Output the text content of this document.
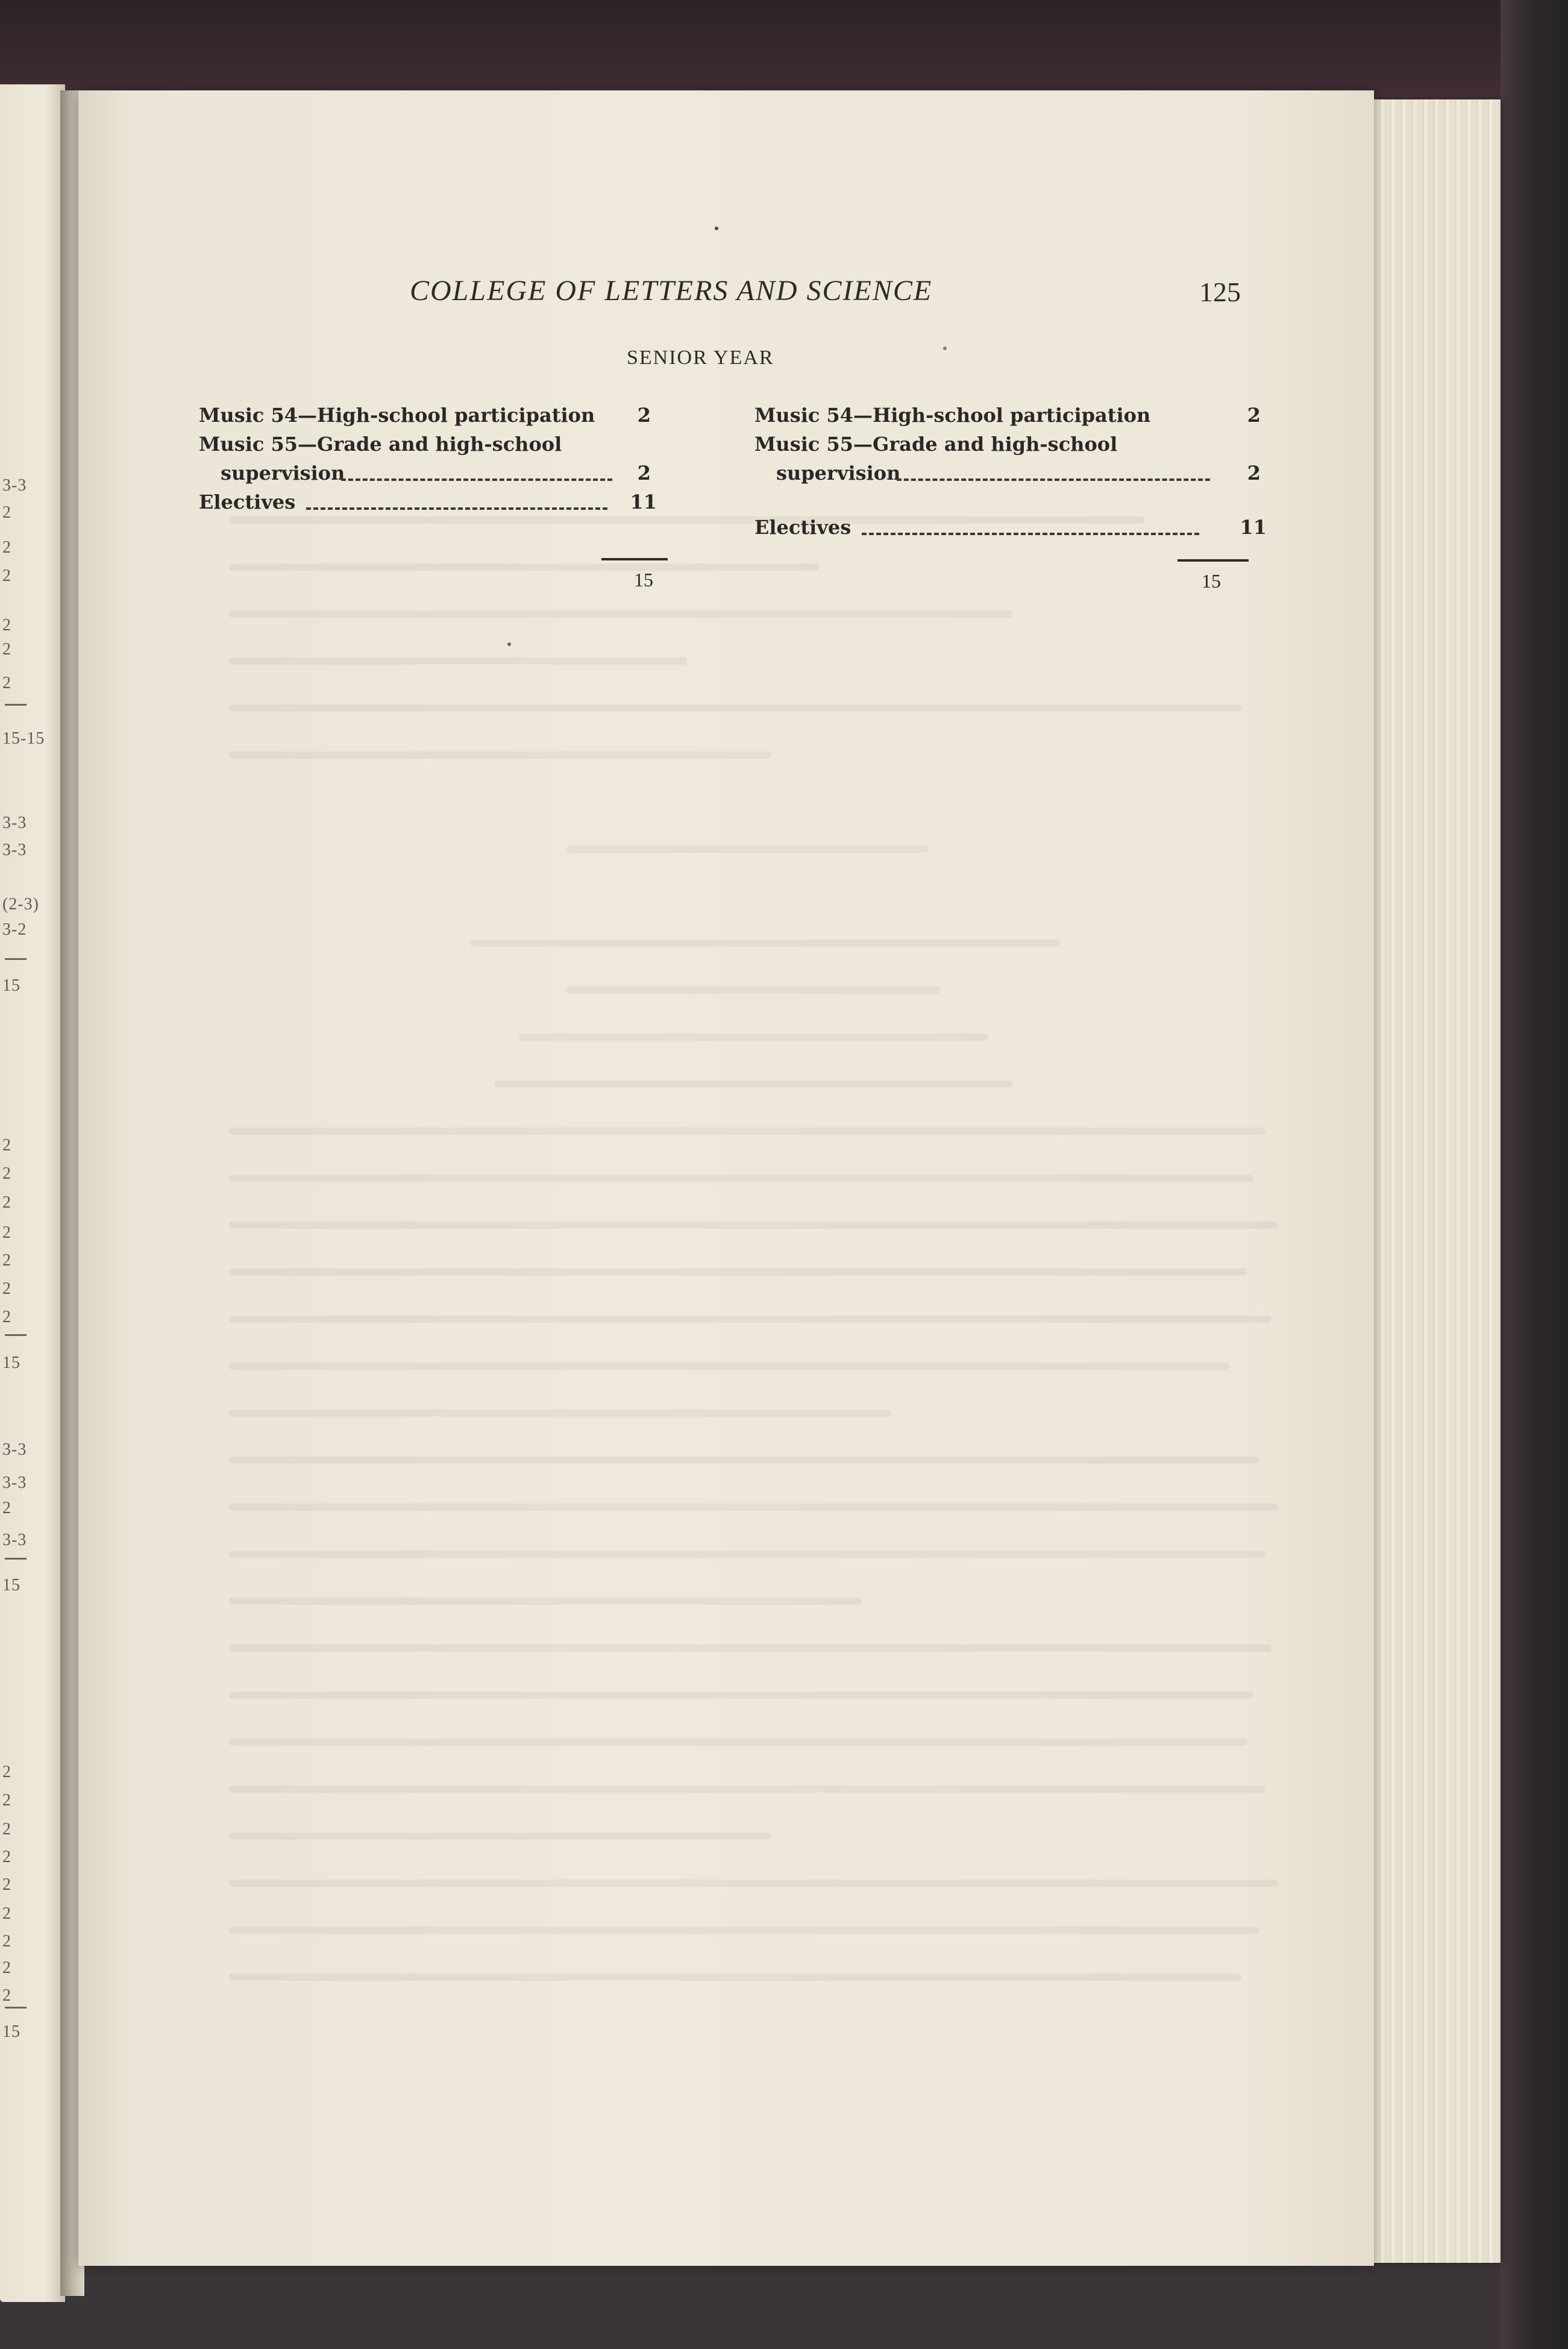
3-3
2
2
2
2
2
2
15-15
3-3
3-3
(2-3)
3-2
15
2
2
2
2
2
2
2
15
3-3
3-3
2
3-3
15
2
2
2
2
2
2
2
2
2
15
COLLEGE OF LETTERS AND SCIENCE	125
SENIOR YEAR
Music 54—High-school participation	2
Music 55—Grade and high-school
supervision	2
Electives	11
15
Music 54—High-school participation	2
Music 55—Grade and high-school
supervision	2
Electives	11
15
